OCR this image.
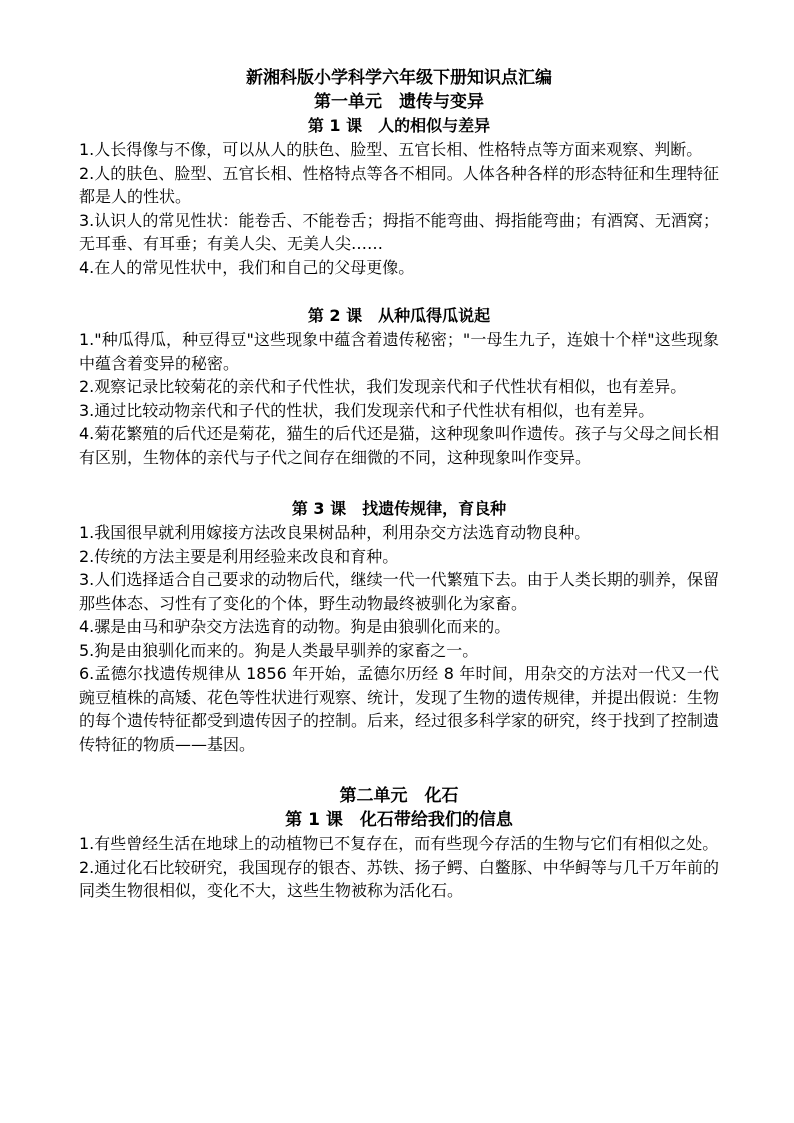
新湘科版小学科学六年级下册知识点汇编
第一单元　遗传与变异
第 1 课　人的相似与差异

1.人长得像与不像，可以从人的肤色、脸型、五官长相、性格特点等方面来观察、判断。

2.人的肤色、脸型、五官长相、性格特点等各不相同。人体各种各样的形态特征和生理特征都是人的性状。

3.认识人的常见性状：能卷舌、不能卷舌；拇指不能弯曲、拇指能弯曲；有酒窝、无酒窝；无耳垂、有耳垂；有美人尖、无美人尖……

4.在人的常见性状中，我们和自己的父母更像。

第 2 课　从种瓜得瓜说起

1."种瓜得瓜，种豆得豆"这些现象中蕴含着遗传秘密；"一母生九子，连娘十个样"这些现象中蕴含着变异的秘密。

2.观察记录比较菊花的亲代和子代性状，我们发现亲代和子代性状有相似，也有差异。

3.通过比较动物亲代和子代的性状，我们发现亲代和子代性状有相似，也有差异。

4.菊花繁殖的后代还是菊花，猫生的后代还是猫，这种现象叫作遗传。孩子与父母之间长相有区别，生物体的亲代与子代之间存在细微的不同，这种现象叫作变异。

第 3 课　找遗传规律，育良种

1.我国很早就利用嫁接方法改良果树品种，利用杂交方法选育动物良种。

2.传统的方法主要是利用经验来改良和育种。

3.人们选择适合自己要求的动物后代，继续一代一代繁殖下去。由于人类长期的驯养，保留那些体态、习性有了变化的个体，野生动物最终被驯化为家畜。

4.骡是由马和驴杂交方法选育的动物。狗是由狼驯化而来的。

5.狗是由狼驯化而来的。狗是人类最早驯养的家畜之一。

6.孟德尔找遗传规律从 1856 年开始，孟德尔历经 8 年时间，用杂交的方法对一代又一代豌豆植株的高矮、花色等性状进行观察、统计，发现了生物的遗传规律，并提出假说：生物的每个遗传特征都受到遗传因子的控制。后来，经过很多科学家的研究，终于找到了控制遗传特征的物质——基因。

第二单元　化石
第 1 课　化石带给我们的信息

1.有些曾经生活在地球上的动植物已不复存在，而有些现今存活的生物与它们有相似之处。

2.通过化石比较研究，我国现存的银杏、苏铁、扬子鳄、白鳖豚、中华鲟等与几千万年前的同类生物很相似，变化不大，这些生物被称为活化石。
